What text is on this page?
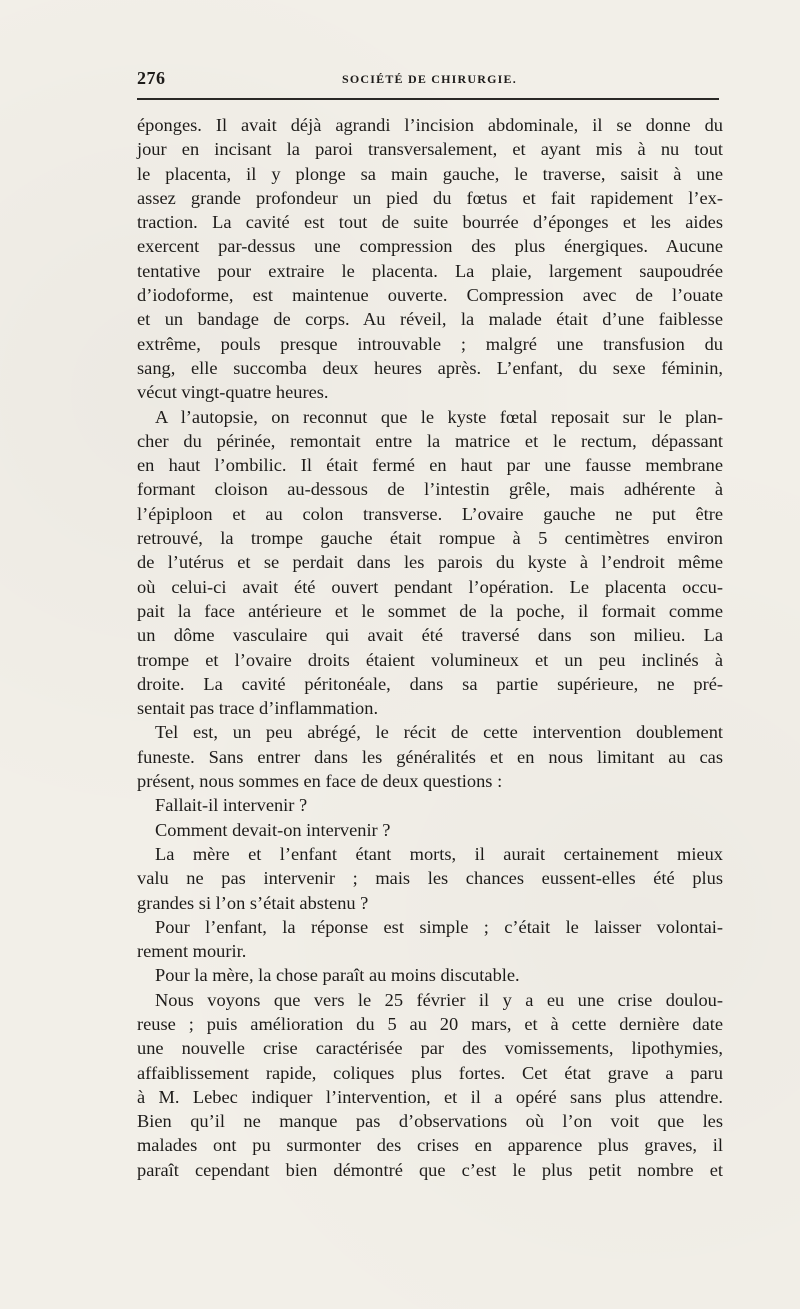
276	SOCIÉTÉ DE CHIRURGIE.
éponges. Il avait déjà agrandi l’incision abdominale, il se donne du
jour en incisant la paroi transversalement, et ayant mis à nu tout
le placenta, il y plonge sa main gauche, le traverse, saisit à une
assez grande profondeur un pied du fœtus et fait rapidement l’ex-
traction. La cavité est tout de suite bourrée d’éponges et les aides
exercent par-dessus une compression des plus énergiques. Aucune
tentative pour extraire le placenta. La plaie, largement saupoudrée
d’iodoforme, est maintenue ouverte. Compression avec de l’ouate
et un bandage de corps. Au réveil, la malade était d’une faiblesse
extrême, pouls presque introuvable ; malgré une transfusion du
sang, elle succomba deux heures après. L’enfant, du sexe féminin,
vécut vingt-quatre heures.
A l’autopsie, on reconnut que le kyste fœtal reposait sur le plan-
cher du périnée, remontait entre la matrice et le rectum, dépassant
en haut l’ombilic. Il était fermé en haut par une fausse membrane
formant cloison au-dessous de l’intestin grêle, mais adhérente à
l’épiploon et au colon transverse. L’ovaire gauche ne put être
retrouvé, la trompe gauche était rompue à 5 centimètres environ
de l’utérus et se perdait dans les parois du kyste à l’endroit même
où celui-ci avait été ouvert pendant l’opération. Le placenta occu-
pait la face antérieure et le sommet de la poche, il formait comme
un dôme vasculaire qui avait été traversé dans son milieu. La
trompe et l’ovaire droits étaient volumineux et un peu inclinés à
droite. La cavité péritonéale, dans sa partie supérieure, ne pré-
sentait pas trace d’inflammation.
Tel est, un peu abrégé, le récit de cette intervention doublement
funeste. Sans entrer dans les généralités et en nous limitant au cas
présent, nous sommes en face de deux questions :
Fallait-il intervenir ?
Comment devait-on intervenir ?
La mère et l’enfant étant morts, il aurait certainement mieux
valu ne pas intervenir ; mais les chances eussent-elles été plus
grandes si l’on s’était abstenu ?
Pour l’enfant, la réponse est simple ; c’était le laisser volontai-
rement mourir.
Pour la mère, la chose paraît au moins discutable.
Nous voyons que vers le 25 février il y a eu une crise doulou-
reuse ; puis amélioration du 5 au 20 mars, et à cette dernière date
une nouvelle crise caractérisée par des vomissements, lipothymies,
affaiblissement rapide, coliques plus fortes. Cet état grave a paru
à M. Lebec indiquer l’intervention, et il a opéré sans plus attendre.
Bien qu’il ne manque pas d’observations où l’on voit que les
malades ont pu surmonter des crises en apparence plus graves, il
paraît cependant bien démontré que c’est le plus petit nombre et
